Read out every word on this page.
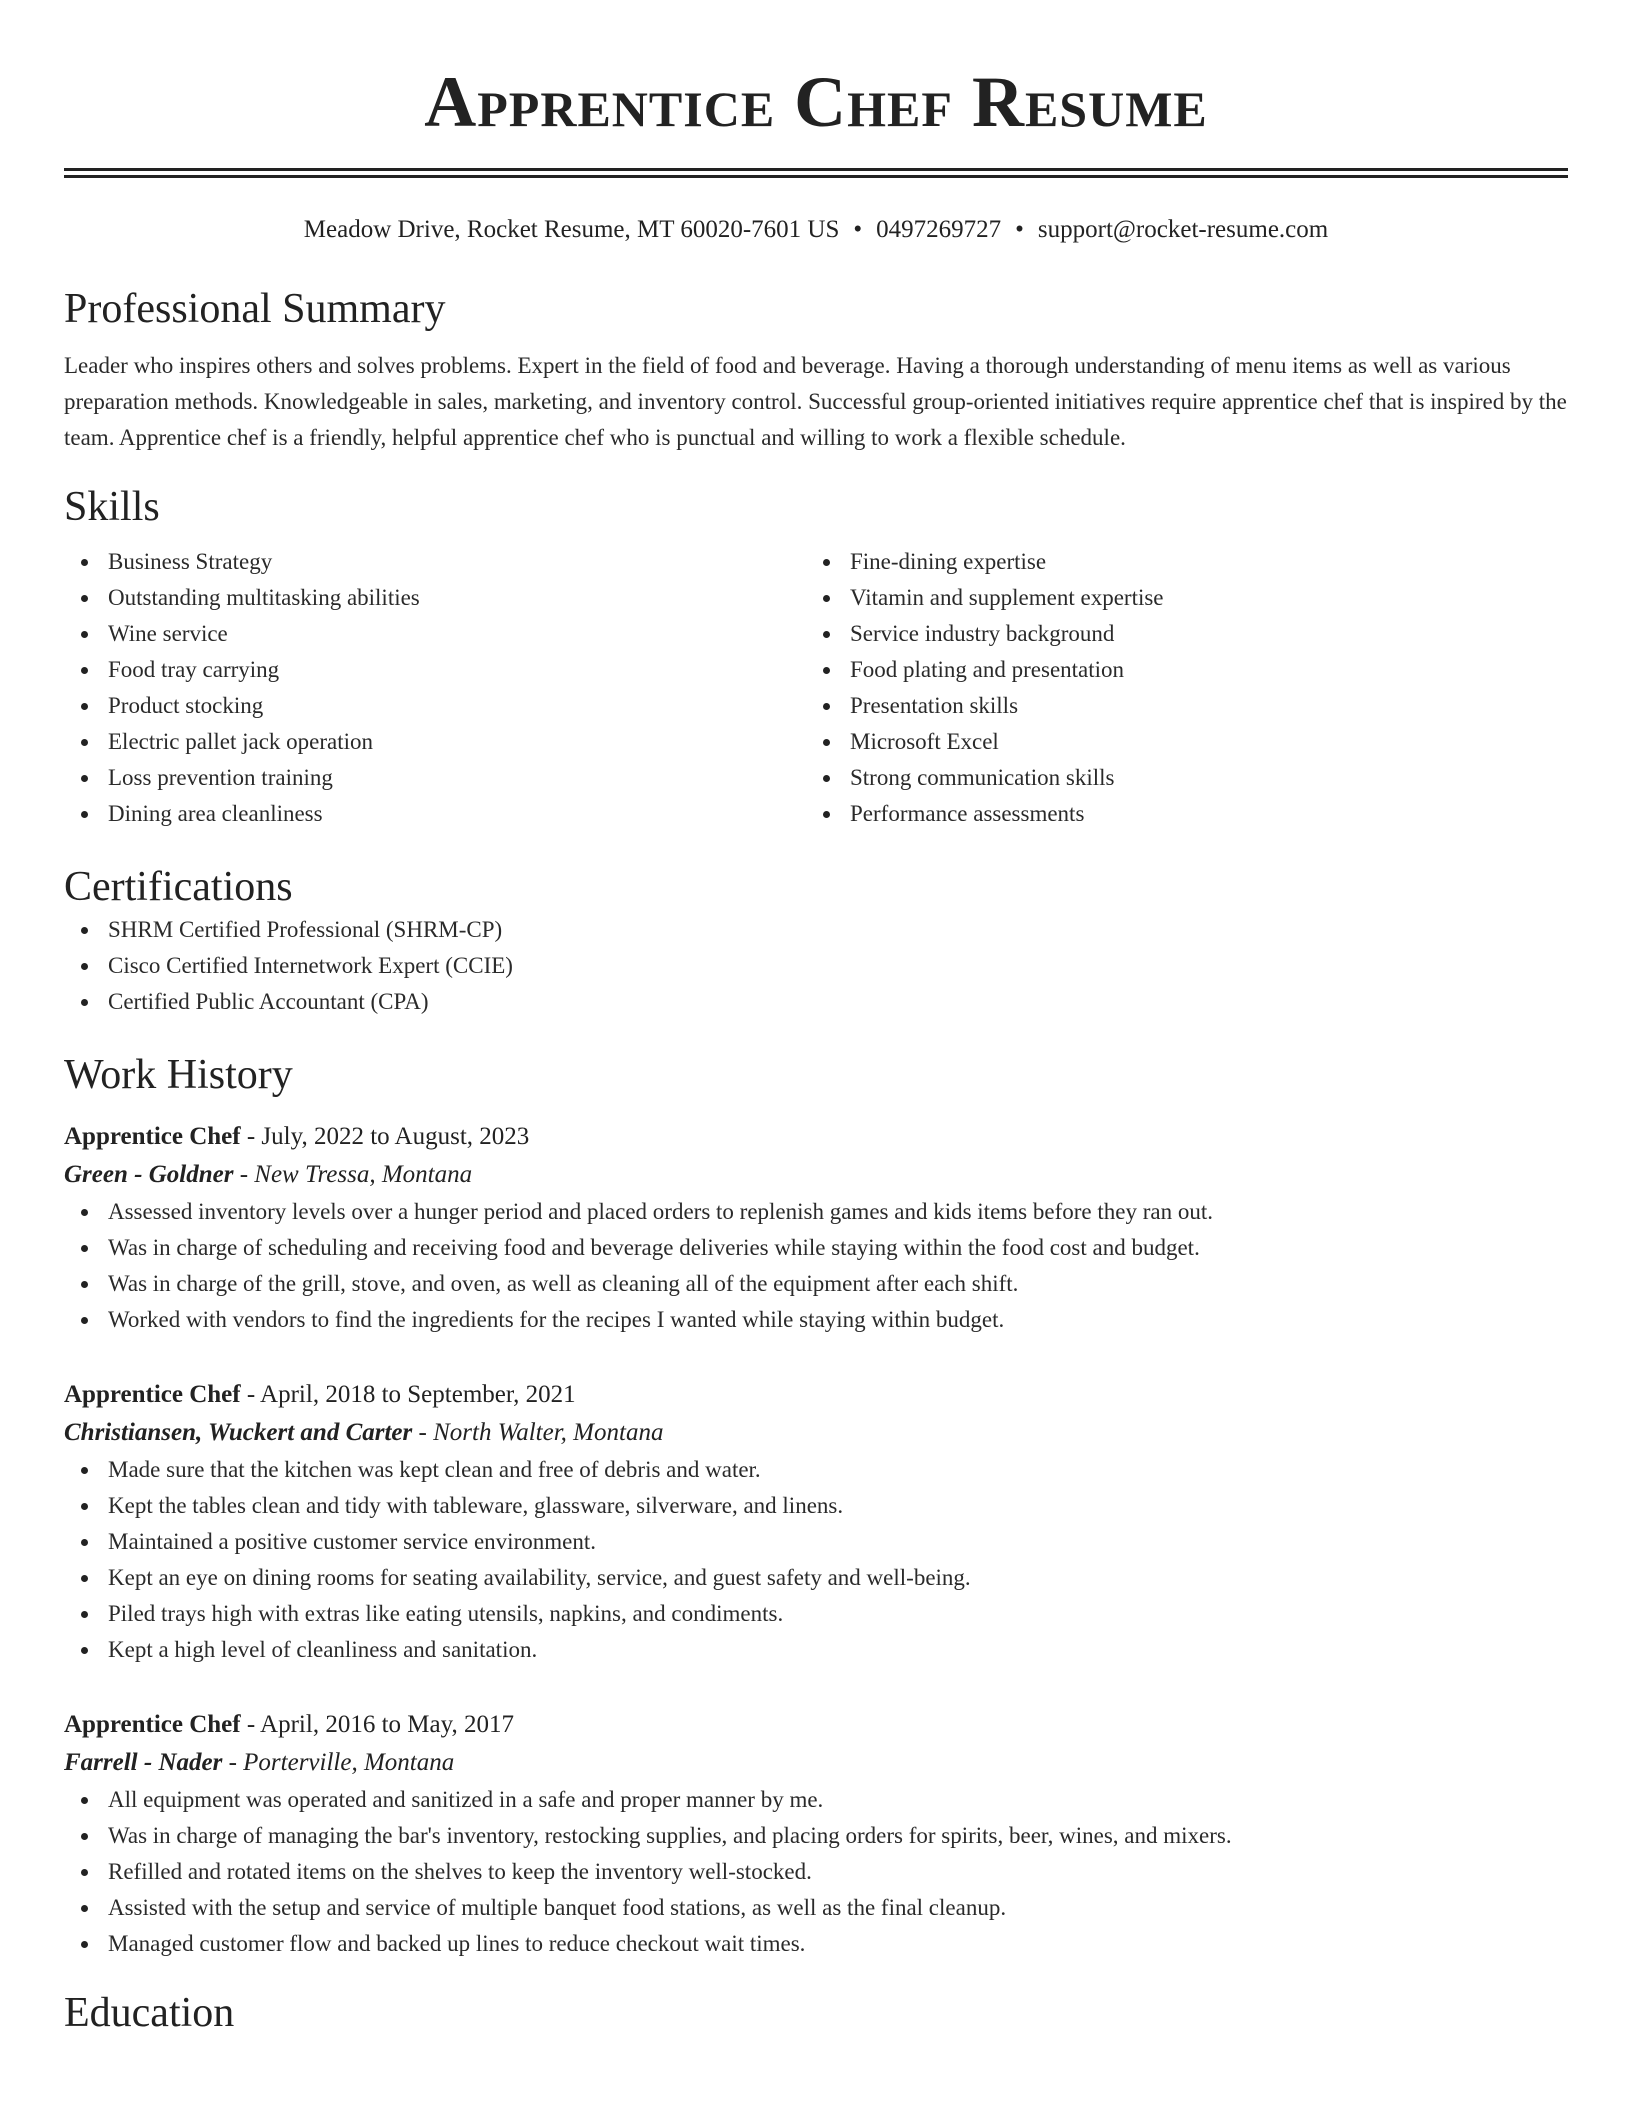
Apprentice Chef Resume
Meadow Drive, Rocket Resume, MT 60020-7601 US • 0497269727 • support@rocket-resume.com
Professional Summary

Leader who inspires others and solves problems. Expert in the field of food and beverage. Having a thorough understanding of menu items as well as various preparation methods. Knowledgeable in sales, marketing, and inventory control. Successful group-oriented initiatives require apprentice chef that is inspired by the team. Apprentice chef is a friendly, helpful apprentice chef who is punctual and willing to work a flexible schedule.

Skills
Business Strategy
Outstanding multitasking abilities
Wine service
Food tray carrying
Product stocking
Electric pallet jack operation
Loss prevention training
Dining area cleanliness
Fine-dining expertise
Vitamin and supplement expertise
Service industry background
Food plating and presentation
Presentation skills
Microsoft Excel
Strong communication skills
Performance assessments
Certifications
SHRM Certified Professional (SHRM-CP)
Cisco Certified Internetwork Expert (CCIE)
Certified Public Accountant (CPA)
Work History
Apprentice Chef - July, 2022 to August, 2023
Green - Goldner - New Tressa, Montana
Assessed inventory levels over a hunger period and placed orders to replenish games and kids items before they ran out.
Was in charge of scheduling and receiving food and beverage deliveries while staying within the food cost and budget.
Was in charge of the grill, stove, and oven, as well as cleaning all of the equipment after each shift.
Worked with vendors to find the ingredients for the recipes I wanted while staying within budget.
Apprentice Chef - April, 2018 to September, 2021
Christiansen, Wuckert and Carter - North Walter, Montana
Made sure that the kitchen was kept clean and free of debris and water.
Kept the tables clean and tidy with tableware, glassware, silverware, and linens.
Maintained a positive customer service environment.
Kept an eye on dining rooms for seating availability, service, and guest safety and well-being.
Piled trays high with extras like eating utensils, napkins, and condiments.
Kept a high level of cleanliness and sanitation.
Apprentice Chef - April, 2016 to May, 2017
Farrell - Nader - Porterville, Montana
All equipment was operated and sanitized in a safe and proper manner by me.
Was in charge of managing the bar's inventory, restocking supplies, and placing orders for spirits, beer, wines, and mixers.
Refilled and rotated items on the shelves to keep the inventory well-stocked.
Assisted with the setup and service of multiple banquet food stations, as well as the final cleanup.
Managed customer flow and backed up lines to reduce checkout wait times.
Education
